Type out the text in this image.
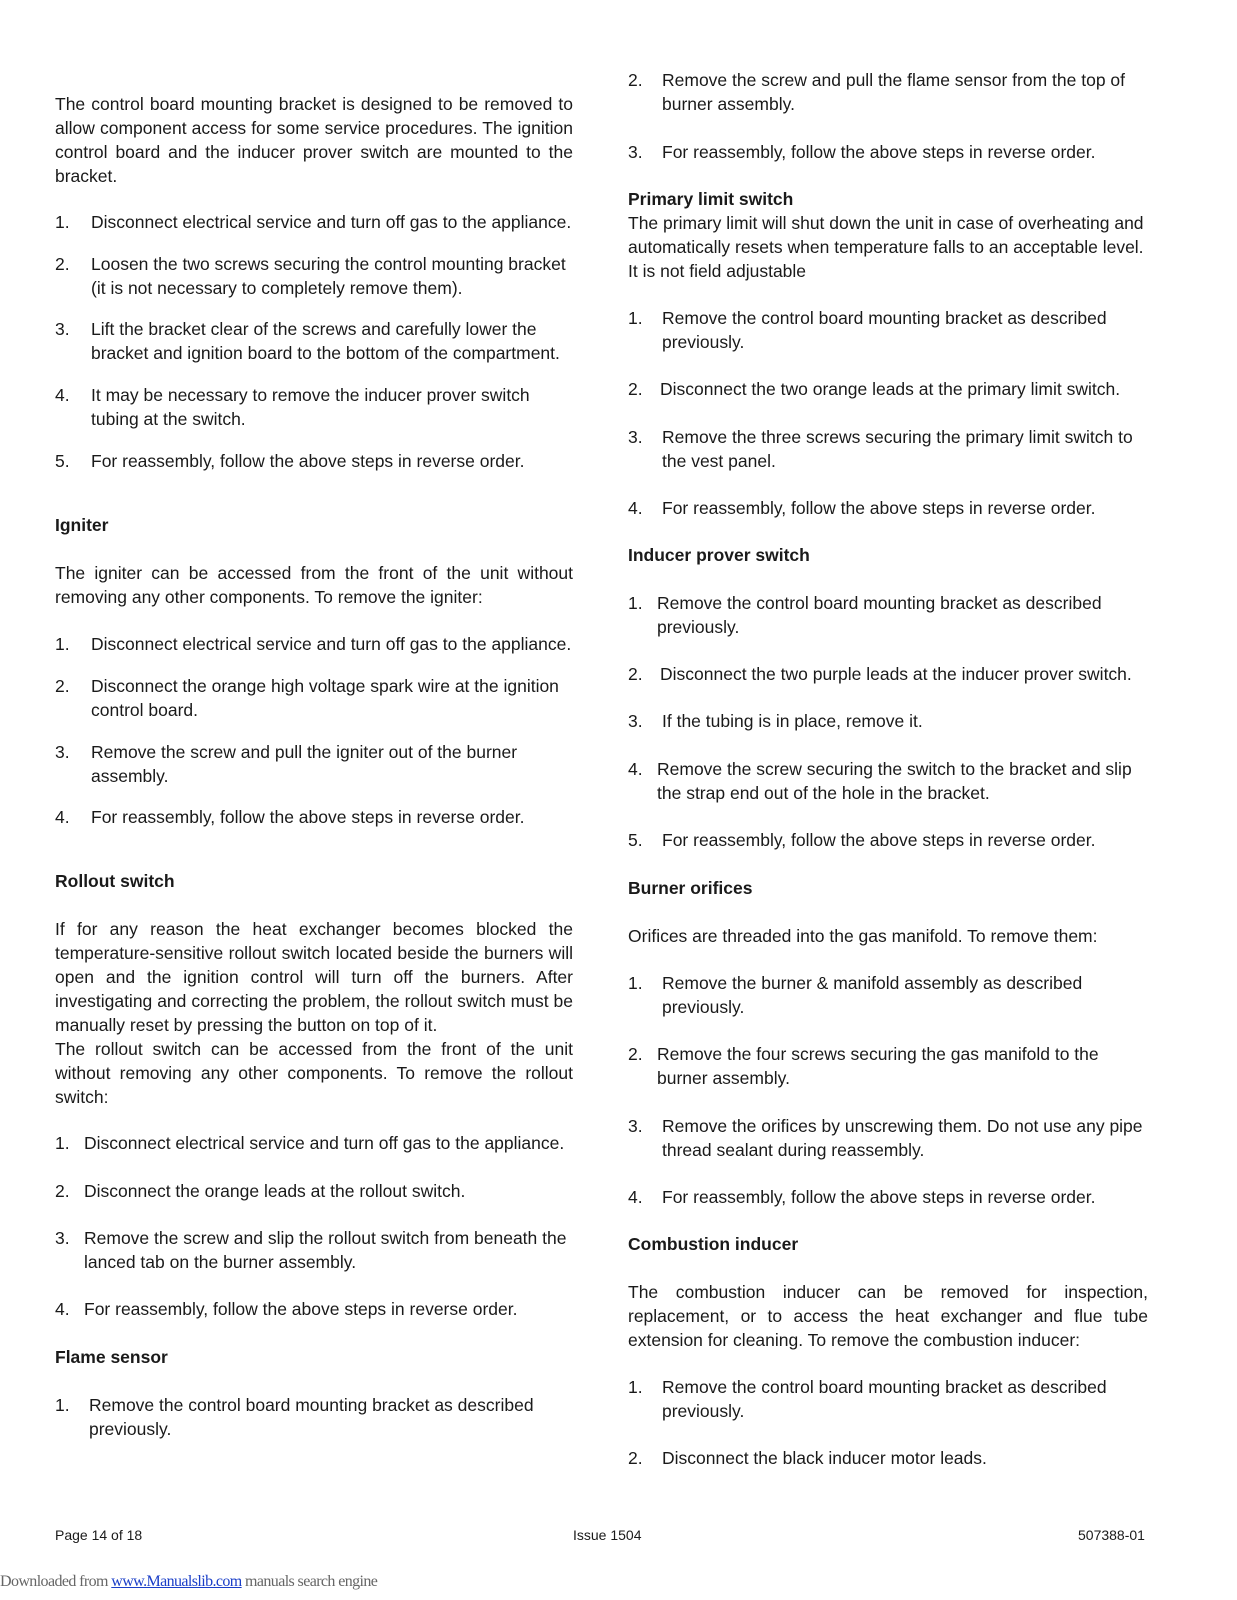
The control board mounting bracket is designed to be removed to allow component access for some service procedures. The ignition control board and the inducer prover switch are mounted to the bracket.

1.	Disconnect electrical service and turn off gas to the appliance.
2.	Loosen the two screws securing the control mounting bracket (it is not necessary to completely remove them).
3.	Lift the bracket clear of the screws and carefully lower the bracket and ignition board to the bottom of the compartment.
4.	It may be necessary to remove the inducer prover switch tubing at the switch.
5.	For reassembly, follow the above steps in reverse order.
Igniter

The igniter can be accessed from the front of the unit without removing any other components. To remove the igniter:

1.	Disconnect electrical service and turn off gas to the appliance.
2.	Disconnect the orange high voltage spark wire at the ignition control board.
3.	Remove the screw and pull the igniter out of the burner assembly.
4.	For reassembly, follow the above steps in reverse order.
Rollout switch

If for any reason the heat exchanger becomes blocked the temperature-sensitive rollout switch located beside the burners will open and the ignition control will turn off the burners. After investigating and correcting the problem, the rollout switch must be manually reset by pressing the button on top of it.

The rollout switch can be accessed from the front of the unit without removing any other components. To remove the rollout switch:

1. Disconnect electrical service and turn off gas to the appliance.
2. Disconnect the orange leads at the rollout switch.
3. Remove the screw and slip the rollout switch from beneath the lanced tab on the burner assembly.
4. For reassembly, follow the above steps in reverse order.
Flame sensor
1.	Remove the control board mounting bracket as described previously.
2.	Remove the screw and pull the flame sensor from the top of burner assembly.
3.	For reassembly, follow the above steps in reverse order.
Primary limit switch

The primary limit will shut down the unit in case of overheating and automatically resets when temperature falls to an acceptable level. It is not field adjustable

1.	Remove the control board mounting bracket as described previously.
2. Disconnect the two orange leads at the primary limit switch.
3.	Remove the three screws securing the primary limit switch to the vest panel.
4.	For reassembly, follow the above steps in reverse order.
Inducer prover switch
1. Remove the control board mounting bracket as described previously.
2. Disconnect the two purple leads at the inducer prover switch.
3.	If the tubing is in place, remove it.
4. Remove the screw securing the switch to the bracket and slip the strap end out of the hole in the bracket.
5.	For reassembly, follow the above steps in reverse order.
Burner orifices

Orifices are threaded into the gas manifold. To remove them:

1.	Remove the burner & manifold assembly as described previously.
2. Remove the four screws securing the gas manifold to the burner assembly.
3.	Remove the orifices by unscrewing them. Do not use any pipe thread sealant during reassembly.
4.	For reassembly, follow the above steps in reverse order.
Combustion inducer

The combustion inducer can be removed for inspection, replacement, or to access the heat exchanger and flue tube extension for cleaning. To remove the combustion inducer:

1.	Remove the control board mounting bracket as described previously.
2.	Disconnect the black inducer motor leads.
Page 14 of 18	Issue 1504	507388-01
Downloaded from www.Manualslib.com manuals search engine
